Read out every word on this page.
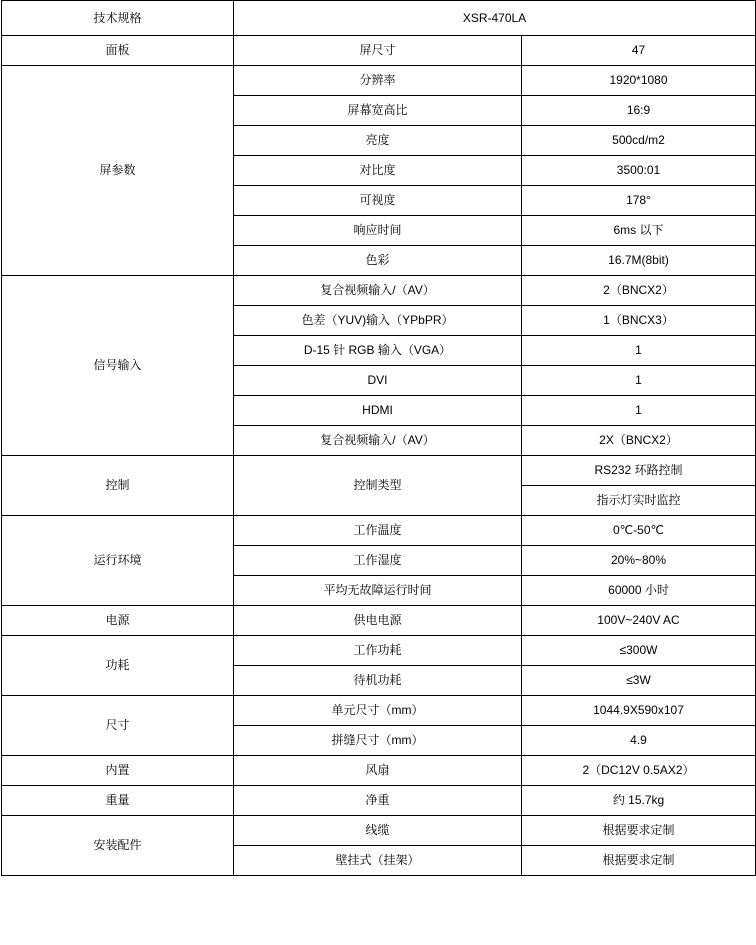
技术规格	XSR-470LA	
面板	屏尺寸	47
屏参数	分辨率	1920*1080
	屏幕宽高比	16:9
	亮度	500cd/m2
	对比度	3500:01
	可视度	178°
	响应时间	6ms 以下
	色彩	16.7M(8bit)
信号输入	复合视频输入/（AV）	2（BNCX2）
	色差（YUV)输入（YPbPR）	1（BNCX3）
	D-15 针 RGB 输入（VGA）	1
	DVI	1
	HDMI	1
	复合视频输入/（AV）	2X（BNCX2）
控制	控制类型	RS232 环路控制
		指示灯实时监控
运行环境	工作温度	0℃-50℃
	工作湿度	20%~80%
	平均无故障运行时间	60000 小时
电源	供电电源	100V~240V AC
功耗	工作功耗	≤300W
	待机功耗	≤3W
尺寸	单元尺寸（mm）	1044.9X590x107
	拼缝尺寸（mm）	4.9
内置	风扇	2（DC12V 0.5AX2）
重量	净重	约 15.7kg
安装配件	线缆	根据要求定制
	壁挂式（挂架）	根据要求定制
